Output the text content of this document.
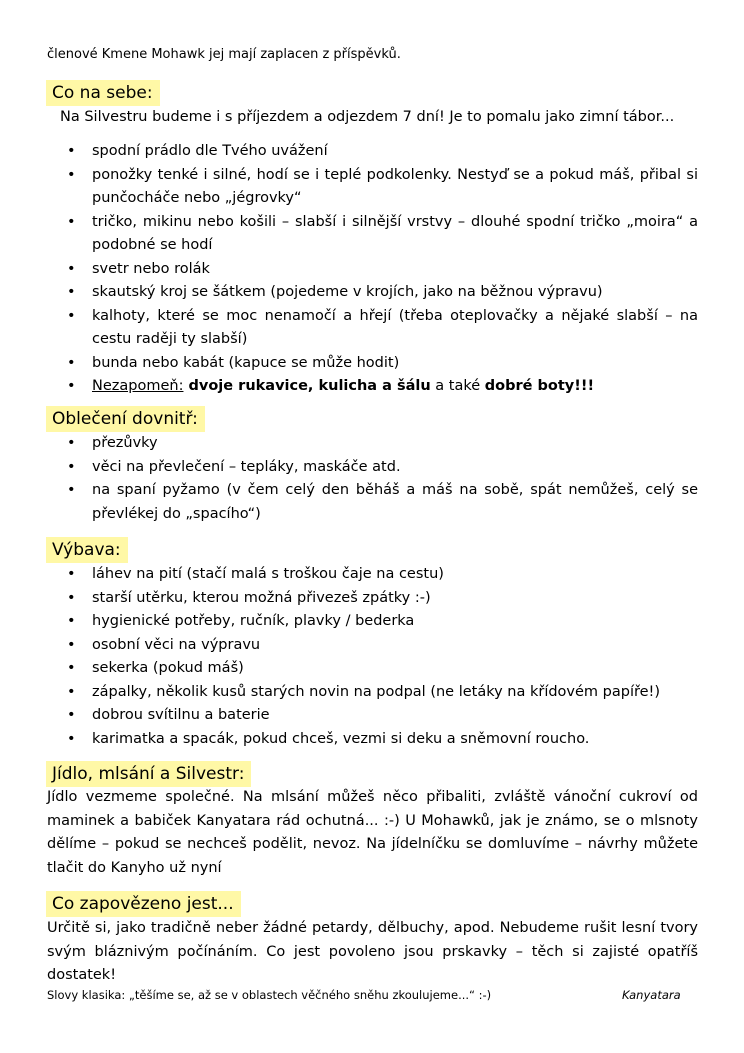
členové Kmene Mohawk jej mají zaplacen z příspěvků.
Co na sebe:
Na Silvestru budeme i s příjezdem a odjezdem 7 dní! Je to pomalu jako zimní tábor...
• spodní prádlo dle Tvého uvážení
• ponožky tenké i silné, hodí se i teplé podkolenky. Nestyď se a pokud máš, přibal si punčocháče nebo „jégrovky“
• tričko, mikinu nebo košili – slabší i silnější vrstvy – dlouhé spodní tričko „moira“ a podobné se hodí
• svetr nebo rolák
• skautský kroj se šátkem (pojedeme v krojích, jako na běžnou výpravu)
• kalhoty, které se moc nenamočí a hřejí (třeba oteplovačky a nějaké slabší – na cestu raději ty slabší)
• bunda nebo kabát (kapuce se může hodit)
• Nezapomeň: dvoje rukavice, kulicha a šálu a také dobré boty!!!
Oblečení dovnitř:
• přezůvky
• věci na převlečení – tepláky, maskáče atd.
• na spaní pyžamo (v čem celý den běháš a máš na sobě, spát nemůžeš, celý se převlékej do „spacího“)
Výbava:
• láhev na pití (stačí malá s troškou čaje na cestu)
• starší utěrku, kterou možná přivezeš zpátky :-)
• hygienické potřeby, ručník, plavky / bederka
• osobní věci na výpravu
• sekerka (pokud máš)
• zápalky, několik kusů starých novin na podpal (ne letáky na křídovém papíře!)
• dobrou svítilnu a baterie
• karimatka a spacák, pokud chceš, vezmi si deku a sněmovní roucho.
Jídlo, mlsání a Silvestr:
Jídlo vezmeme společné. Na mlsání můžeš něco přibaliti, zvláště vánoční cukroví od maminek a babiček Kanyatara rád ochutná... :-) U Mohawků, jak je známo, se o mlsnoty dělíme – pokud se nechceš podělit, nevoz. Na jídelníčku se domluvíme – návrhy můžete tlačit do Kanyho už nyní
Co zapovězeno jest...
Určitě si, jako tradičně neber žádné petardy, dělbuchy, apod. Nebudeme rušit lesní tvory svým bláznivým počínáním. Co jest povoleno jsou prskavky – těch si zajisté opatříš dostatek!
Slovy klasika: „těšíme se, až se v oblastech věčného sněhu zkoulujeme...“ :-)	Kanyatara
